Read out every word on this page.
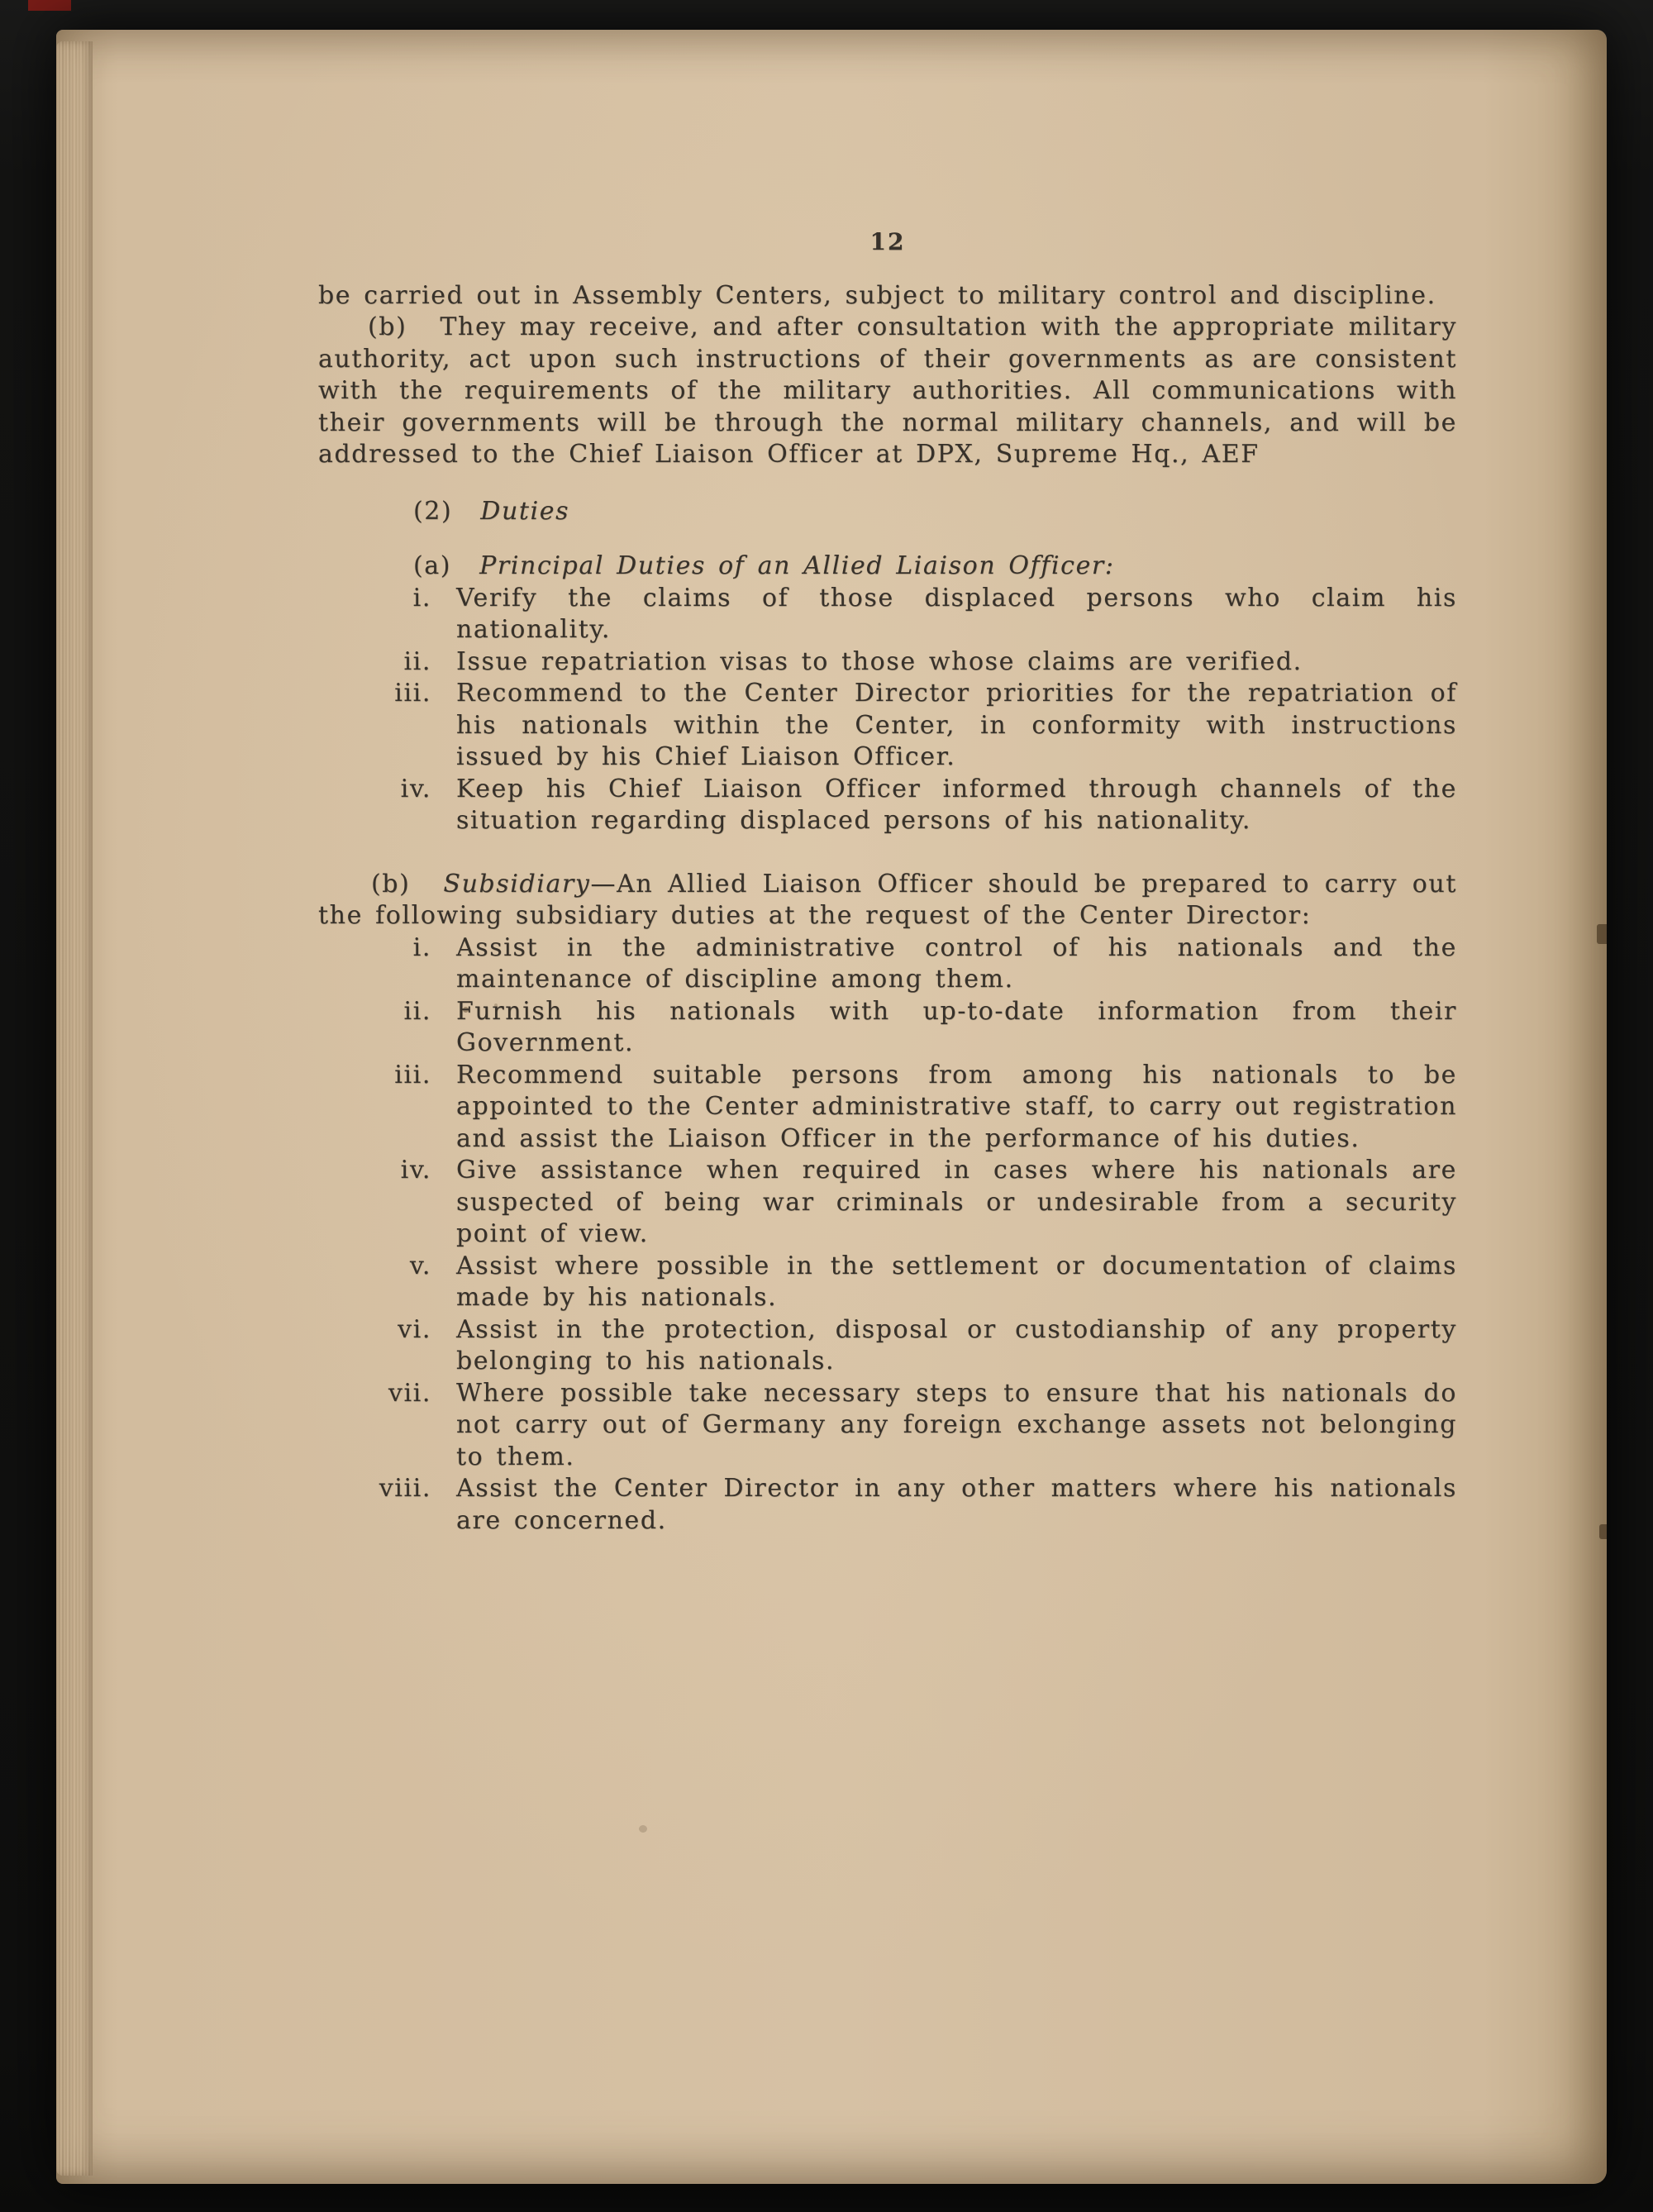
12

be carried out in Assembly Centers, subject to military control and discipline.

(b) They may receive, and after consultation with the appropriate military authority, act upon such instructions of their governments as are consistent with the requirements of the military authorities. All communications with their governments will be through the normal military channels, and will be addressed to the Chief Liaison Officer at DPX, Supreme Hq., AEF

(2) Duties

(a) Principal Duties of an Allied Liaison Officer:

i. Verify the claims of those displaced persons who claim his nationality.
ii. Issue repatriation visas to those whose claims are verified.
iii. Recommend to the Center Director priorities for the repatriation of his nationals within the Center, in conformity with instructions issued by his Chief Liaison Officer.
iv. Keep his Chief Liaison Officer informed through channels of the situation regarding displaced persons of his nationality.

(b) Subsidiary—An Allied Liaison Officer should be prepared to carry out the following subsidiary duties at the request of the Center Director:

i. Assist in the administrative control of his nationals and the maintenance of discipline among them.
ii. Furnish his nationals with up-to-date information from their Government.
iii. Recommend suitable persons from among his nationals to be appointed to the Center administrative staff, to carry out registration and assist the Liaison Officer in the performance of his duties.
iv. Give assistance when required in cases where his nationals are suspected of being war criminals or undesirable from a security point of view.
v. Assist where possible in the settlement or documentation of claims made by his nationals.
vi. Assist in the protection, disposal or custodianship of any property belonging to his nationals.
vii. Where possible take necessary steps to ensure that his nationals do not carry out of Germany any foreign exchange assets not belonging to them.
viii. Assist the Center Director in any other matters where his nationals are concerned.
